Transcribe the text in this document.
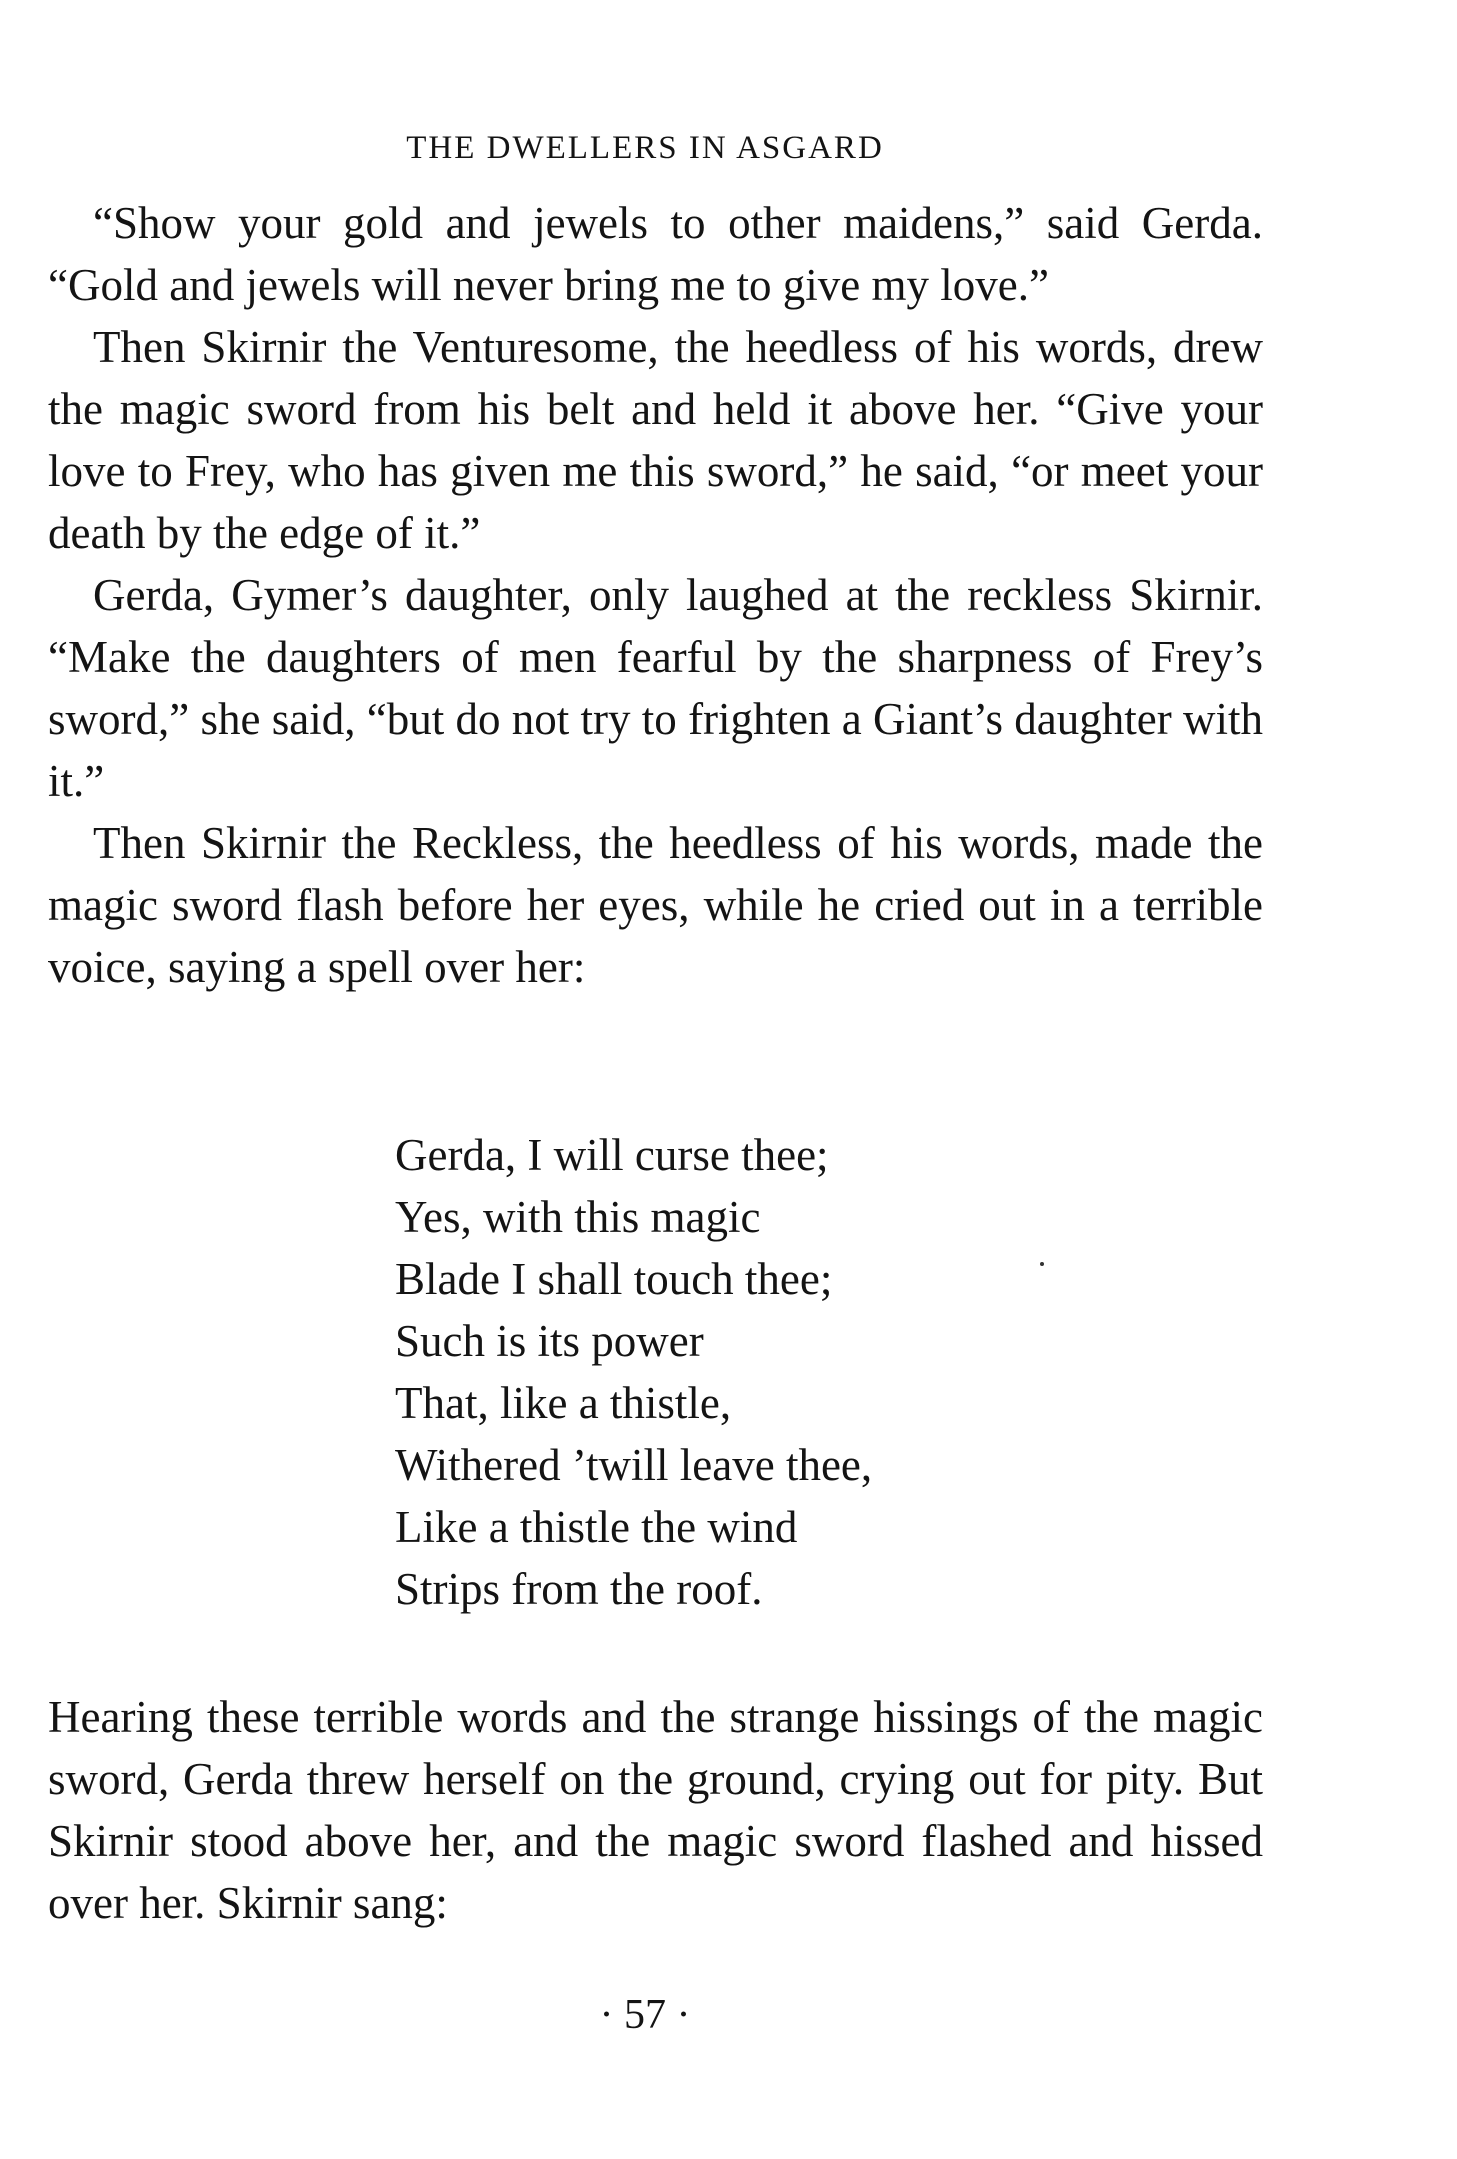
THE DWELLERS IN ASGARD

“Show your gold and jewels to other maidens,” said Gerda. “Gold and jewels will never bring me to give my love.”

Then Skirnir the Venturesome, the heedless of his words, drew the magic sword from his belt and held it above her. “Give your love to Frey, who has given me this sword,” he said, “or meet your death by the edge of it.”

Gerda, Gymer’s daughter, only laughed at the reckless Skirnir. “Make the daughters of men fearful by the sharpness of Frey’s sword,” she said, “but do not try to frighten a Giant’s daughter with it.”

Then Skirnir the Reckless, the heedless of his words, made the magic sword flash before her eyes, while he cried out in a terrible voice, saying a spell over her:

Gerda, I will curse thee;
Yes, with this magic
Blade I shall touch thee;
Such is its power
That, like a thistle,
Withered ’twill leave thee,
Like a thistle the wind
Strips from the roof.

Hearing these terrible words and the strange hissings of the magic sword, Gerda threw herself on the ground, crying out for pity. But Skirnir stood above her, and the magic sword flashed and hissed over her. Skirnir sang:

· 57 ·
